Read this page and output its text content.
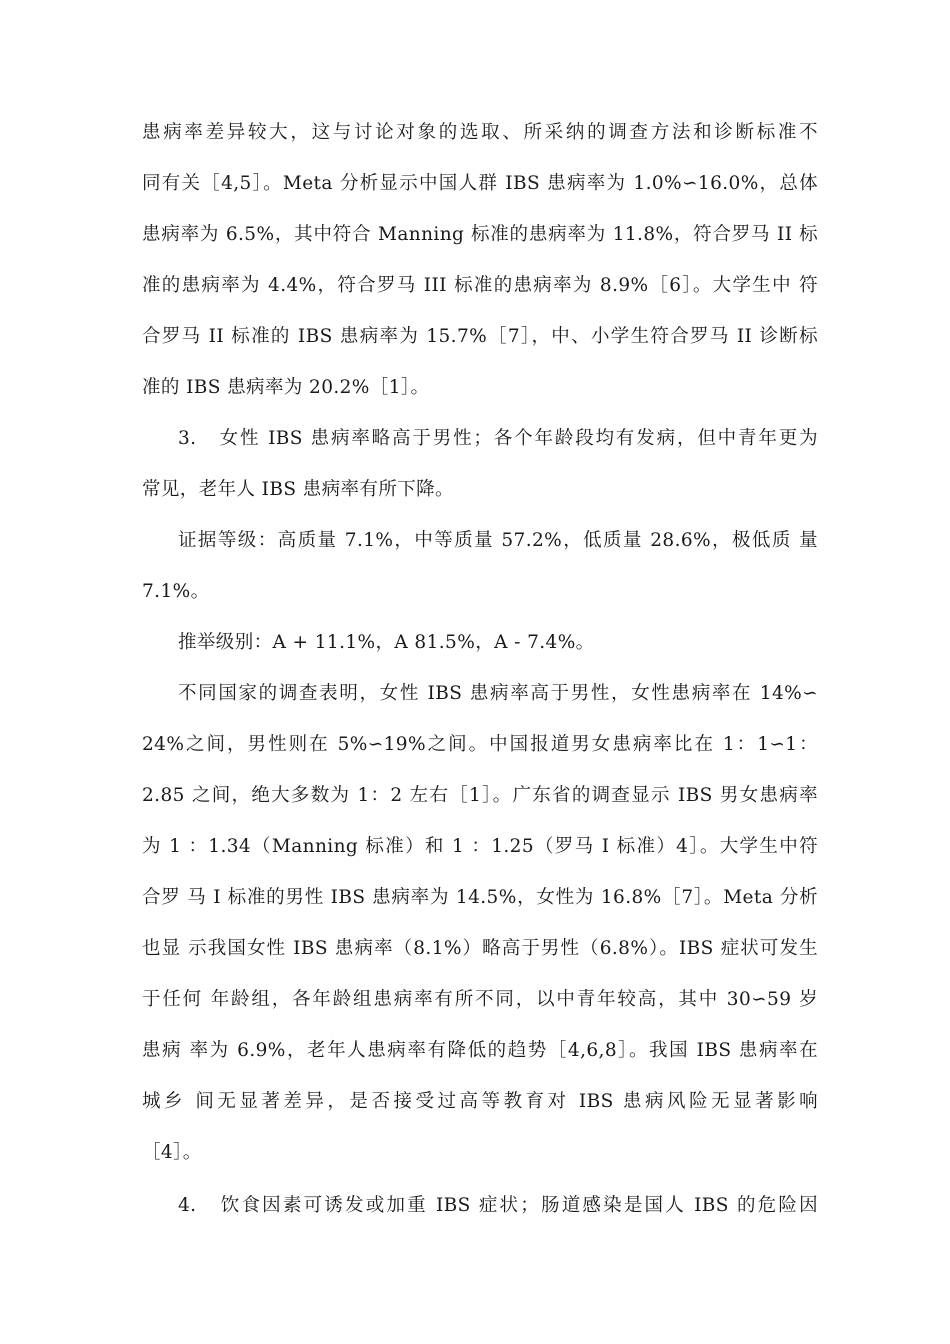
患病率差异较大，这与讨论对象的选取、所采纳的调查方法和诊断标准不
同有关［4,5］。Meta 分析显示中国人群 IBS 患病率为 1.0%∽16.0%，总体
患病率为 6.5%，其中符合 Manning 标准的患病率为 11.8%，符合罗马 II 标
准的患病率为 4.4%，符合罗马 III 标准的患病率为 8.9%［6］。大学生中 符
合罗马 II 标准的 IBS 患病率为 15.7%［7］，中、小学生符合罗马 II 诊断标
准的 IBS 患病率为 20.2%［1］。
3.   女性 IBS 患病率略高于男性；各个年龄段均有发病，但中青年更为
常见，老年人 IBS 患病率有所下降。
证据等级：高质量 7.1%，中等质量 57.2%，低质量 28.6%，极低质 量
7.1%。
推举级别：A + 11.1%，A 81.5%，A - 7.4%。
不同国家的调查表明，女性 IBS 患病率高于男性，女性患病率在 14%∽
24%之间，男性则在 5%∽19%之间。中国报道男女患病率比在 1：1∽1：
2.85 之间，绝大多数为 1：2 左右［1］。广东省的调查显示 IBS 男女患病率
为 1 ：1.34（Manning 标准）和 1 ：1.25（罗马 I 标准）4］。大学生中符
合罗 马 I 标准的男性 IBS 患病率为 14.5%，女性为 16.8%［7］。Meta 分析
也显 示我国女性 IBS 患病率（8.1%）略高于男性（6.8%）。IBS 症状可发生
于任何 年龄组，各年龄组患病率有所不同，以中青年较高，其中 30∽59 岁
患病 率为 6.9%，老年人患病率有降低的趋势［4,6,8］。我国 IBS 患病率在
城乡 间无显著差异，是否接受过高等教育对 IBS 患病风险无显著影响
［4］。
4.   饮食因素可诱发或加重 IBS 症状；肠道感染是国人 IBS 的危险因
